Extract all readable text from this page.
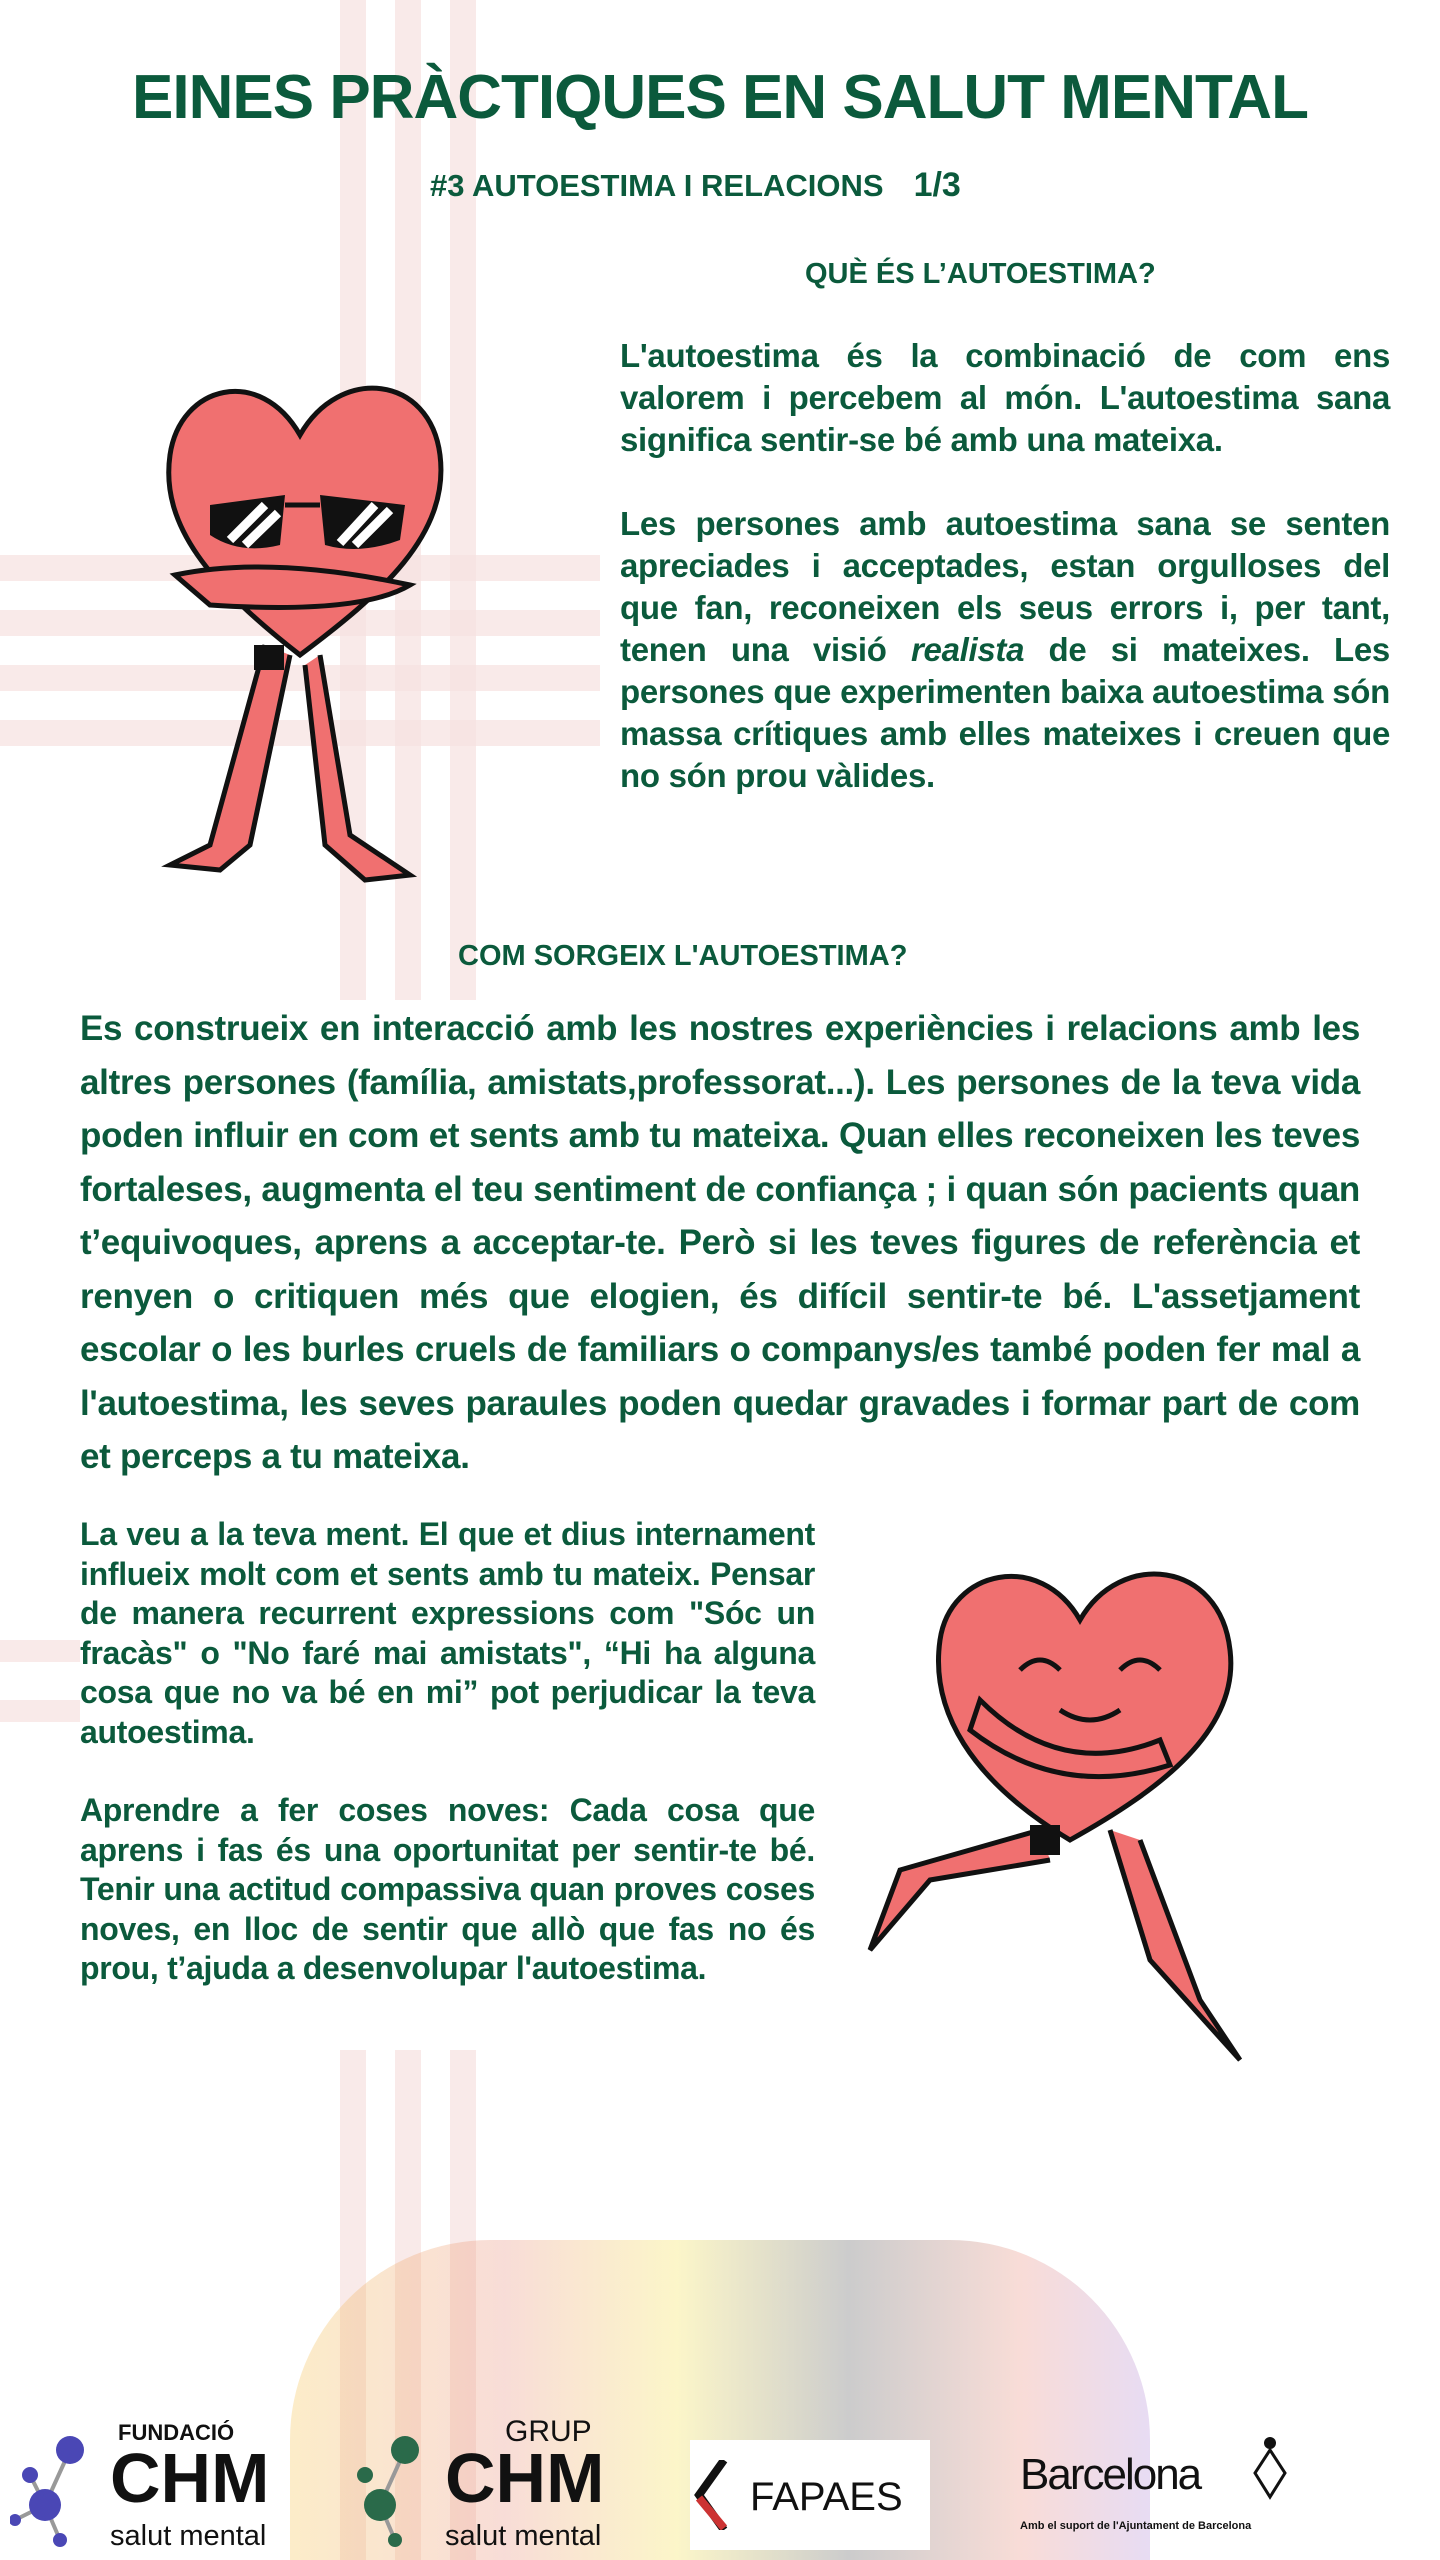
EINES PRÀCTIQUES EN SALUT MENTAL
#3 AUTOESTIMA I RELACIONS 1/3
QUÈ ÉS L’AUTOESTIMA?

L'autoestima és la combinació de com ens valorem i percebem al món. L'autoestima sana significa sentir-se bé amb una mateixa.

Les persones amb autoestima sana se senten apreciades i acceptades, estan orgulloses del que fan, reconeixen els seus errors i, per tant, tenen una visió realista de si mateixes. Les persones que experimenten baixa autoestima són massa crítiques amb elles mateixes i creuen que no són prou vàlides.

COM SORGEIX L'AUTOESTIMA?

Es construeix en interacció amb les nostres experiències i relacions amb les altres persones (família, amistats,professorat...). Les persones de la teva vida poden influir en com et sents amb tu mateixa. Quan elles reconeixen les teves fortaleses, augmenta el teu sentiment de confiança ; i quan són pacients quan t’equivoques, aprens a acceptar-te. Però si les teves figures de referència et renyen o critiquen més que elogien, és difícil sentir-te bé. L'assetjament escolar o les burles cruels de familiars o companys/es també poden fer mal a l'autoestima, les seves paraules poden quedar gravades i formar part de com et perceps a tu mateixa.

La veu a la teva ment. El que et dius internament influeix molt com et sents amb tu mateix. Pensar de manera recurrent expressions com "Sóc un fracàs" o "No faré mai amistats", “Hi ha alguna cosa que no va bé en mi” pot perjudicar la teva autoestima.

Aprendre a fer coses noves: Cada cosa que aprens i fas és una oportunitat per sentir-te bé. Tenir una actitud compassiva quan proves coses noves, en lloc de sentir que allò que fas no és prou, t’ajuda a desenvolupar l'autoestima.

FUNDACIÓ
CHM
salut mental
GRUP
CHM
salut mental
FAPAES	Barcelona
Amb el suport de l'Ajuntament de Barcelona
